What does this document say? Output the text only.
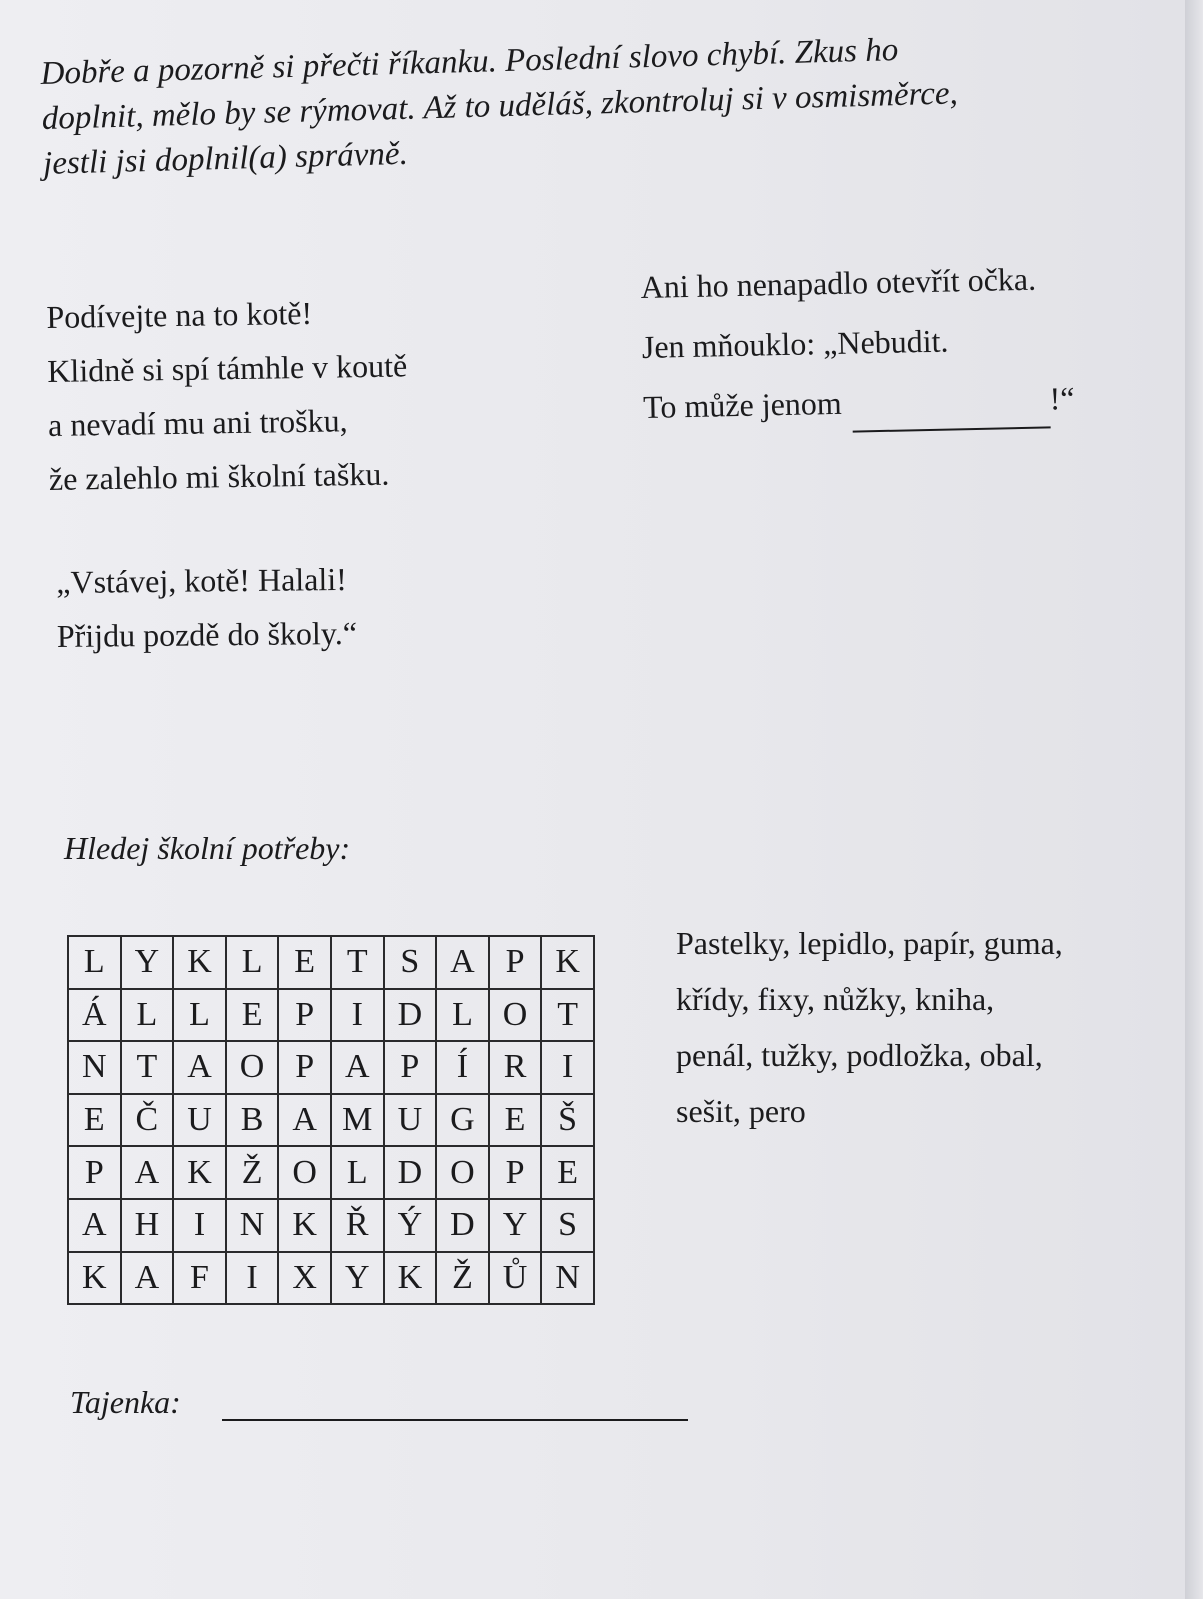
Dobře a pozorně si přečti říkanku. Poslední slovo chybí. Zkus ho
doplnit, mělo by se rýmovat. Až to uděláš, zkontroluj si v osmisměrce,
jestli jsi doplnil(a) správně.
Podívejte na to kotě!
Klidně si spí támhle v koutě
a nevadí mu ani trošku,
že zalehlo mi školní tašku.
„Vstávej, kotě! Halali!
Přijdu pozdě do školy.“
Ani ho nenapadlo otevřít očka.
Jen mňouklo: „Nebudit.
To může jenom	!“
Hledej školní potřeby:
L	Y	K	L	E	T	S	A	P	K
Á	L	L	E	P	I	D	L	O	T
N	T	A	O	P	A	P	Í	R	I
E	Č	U	B	A	M	U	G	E	Š
P	A	K	Ž	O	L	D	O	P	E
A	H	I	N	K	Ř	Ý	D	Y	S
K	A	F	I	X	Y	K	Ž	Ů	N
Pastelky, lepidlo, papír, guma,
křídy, fixy, nůžky, kniha,
penál, tužky, podložka, obal,
sešit, pero
Tajenka:
